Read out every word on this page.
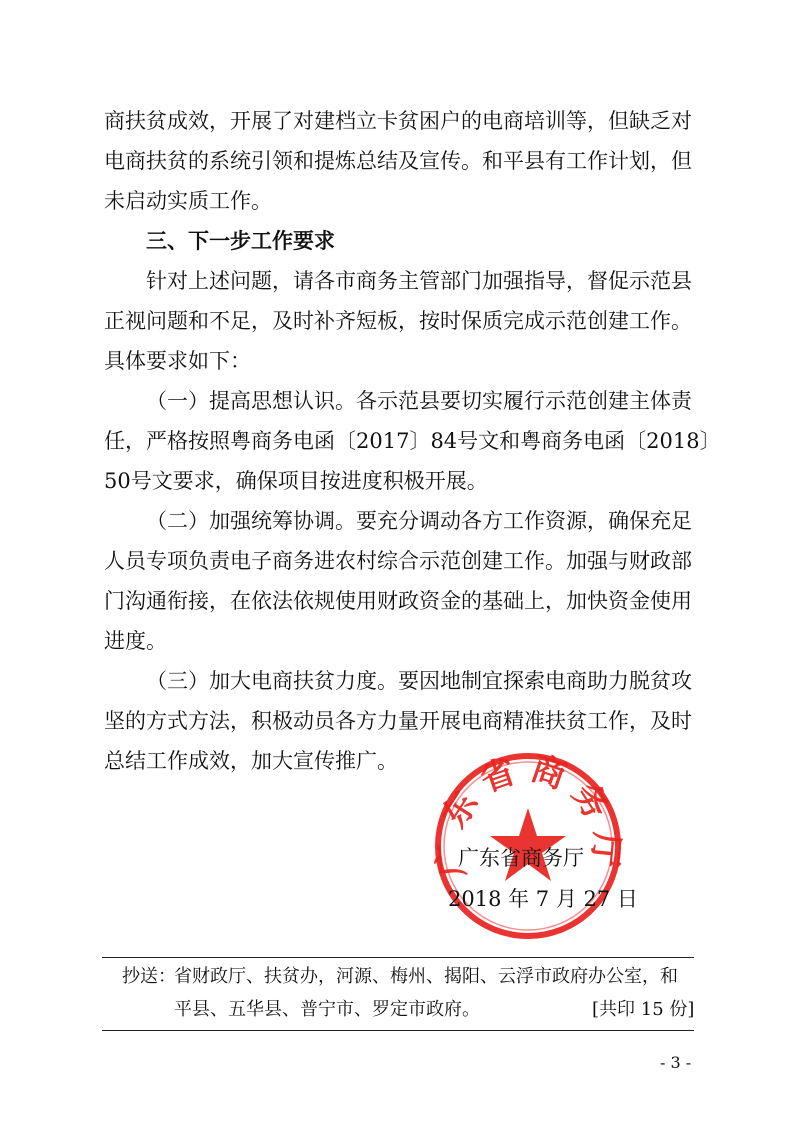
商扶贫成效，开展了对建档立卡贫困户的电商培训等，但缺乏对
电商扶贫的系统引领和提炼总结及宣传。和平县有工作计划，但
未启动实质工作。
三、下一步工作要求
针对上述问题，请各市商务主管部门加强指导，督促示范县
正视问题和不足，及时补齐短板，按时保质完成示范创建工作。
具体要求如下：
（一）提高思想认识。各示范县要切实履行示范创建主体责
任，严格按照粤商务电函〔2017〕84号文和粤商务电函〔2018〕
50号文要求，确保项目按进度积极开展。
（二）加强统筹协调。要充分调动各方工作资源，确保充足
人员专项负责电子商务进农村综合示范创建工作。加强与财政部
门沟通衔接，在依法依规使用财政资金的基础上，加快资金使用
进度。
（三）加大电商扶贫力度。要因地制宜探索电商助力脱贫攻
坚的方式方法，积极动员各方力量开展电商精准扶贫工作，及时
总结工作成效，加大宣传推广。
广东省商务厅
广东省商务厅
2018 年 7 月 27 日
抄送：
省财政厅、扶贫办，河源、梅州、揭阳、云浮市政府办公室，和
平县、五华县、普宁市、罗定市政府。	[共印 15 份]
- 3 -
